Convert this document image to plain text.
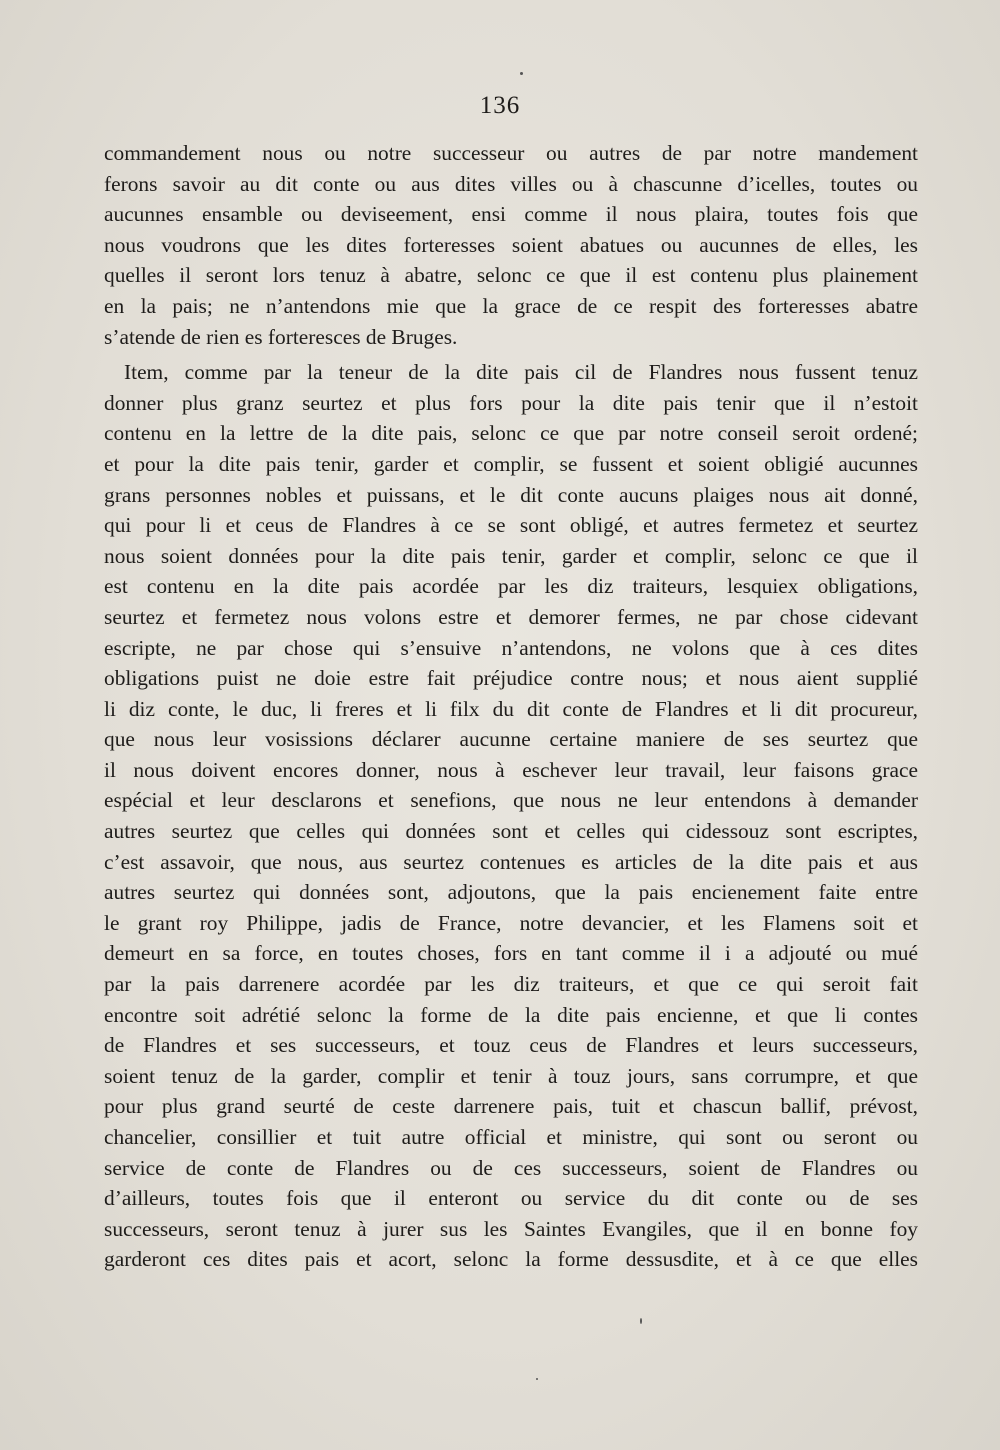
136
commandement nous ou notre successeur ou autres de par notre mandement
ferons savoir au dit conte ou aus dites villes ou à chascunne d’icelles, toutes ou
aucunnes ensamble ou deviseement, ensi comme il nous plaira, toutes fois que
nous voudrons que les dites forteresses soient abatues ou aucunnes de elles, les
quelles il seront lors tenuz à abatre, selonc ce que il est contenu plus plainement
en la pais; ne n’antendons mie que la grace de ce respit des forteresses abatre
s’atende de rien es forteresces de Bruges.
Item, comme par la teneur de la dite pais cil de Flandres nous fussent tenuz
donner plus granz seurtez et plus fors pour la dite pais tenir que il n’estoit
contenu en la lettre de la dite pais, selonc ce que par notre conseil seroit ordené;
et pour la dite pais tenir, garder et complir, se fussent et soient obligié aucunnes
grans personnes nobles et puissans, et le dit conte aucuns plaiges nous ait donné,
qui pour li et ceus de Flandres à ce se sont obligé, et autres fermetez et seurtez
nous soient données pour la dite pais tenir, garder et complir, selonc ce que il
est contenu en la dite pais acordée par les diz traiteurs, lesquiex obligations,
seurtez et fermetez nous volons estre et demorer fermes, ne par chose cidevant
escripte, ne par chose qui s’ensuive n’antendons, ne volons que à ces dites
obligations puist ne doie estre fait préjudice contre nous; et nous aient supplié
li diz conte, le duc, li freres et li filx du dit conte de Flandres et li dit procureur,
que nous leur vosissions déclarer aucunne certaine maniere de ses seurtez que
il nous doivent encores donner, nous à eschever leur travail, leur faisons grace
espécial et leur desclarons et senefions, que nous ne leur entendons à demander
autres seurtez que celles qui données sont et celles qui cidessouz sont escriptes,
c’est assavoir, que nous, aus seurtez contenues es articles de la dite pais et aus
autres seurtez qui données sont, adjoutons, que la pais encienement faite entre
le grant roy Philippe, jadis de France, notre devancier, et les Flamens soit et
demeurt en sa force, en toutes choses, fors en tant comme il i a adjouté ou mué
par la pais darrenere acordée par les diz traiteurs, et que ce qui seroit fait
encontre soit adrétié selonc la forme de la dite pais encienne, et que li contes
de Flandres et ses successeurs, et touz ceus de Flandres et leurs successeurs,
soient tenuz de la garder, complir et tenir à touz jours, sans corrumpre, et que
pour plus grand seurté de ceste darrenere pais, tuit et chascun ballif, prévost,
chancelier, consillier et tuit autre official et ministre, qui sont ou seront ou
service de conte de Flandres ou de ces successeurs, soient de Flandres ou
d’ailleurs, toutes fois que il enteront ou service du dit conte ou de ses
successeurs, seront tenuz à jurer sus les Saintes Evangiles, que il en bonne foy
garderont ces dites pais et acort, selonc la forme dessusdite, et à ce que elles
